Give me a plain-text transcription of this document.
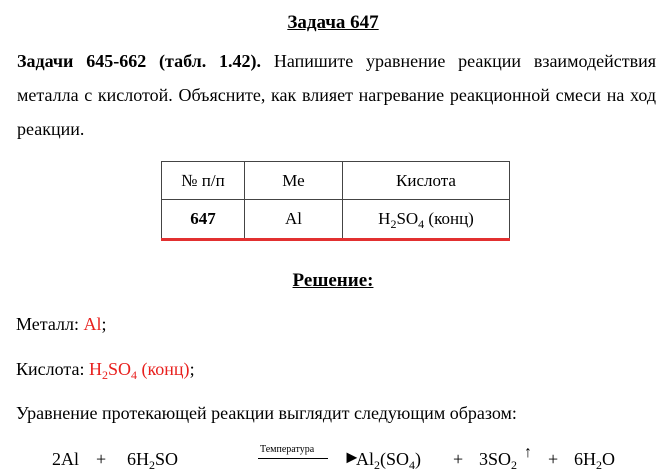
Задача 647
Задачи 645-662 (табл. 1.42). Напишите уравнение реакции взаимодействия металла с кислотой. Объясните, как влияет нагревание реакционной смеси на ход реакции.
№ п/п	Ме	Кислота
647	Al	$H_2SO_4$ (конц)
Решение:
Металл: Al;
Кислота: $H_2SO_4$ (конц);
Уравнение протекающей реакции выглядит следующим образом:
$2Al + 6H_2SO$	Температура ►
$Al_2(SO_4) + 3SO_2$
↑ + $6H_2O$
